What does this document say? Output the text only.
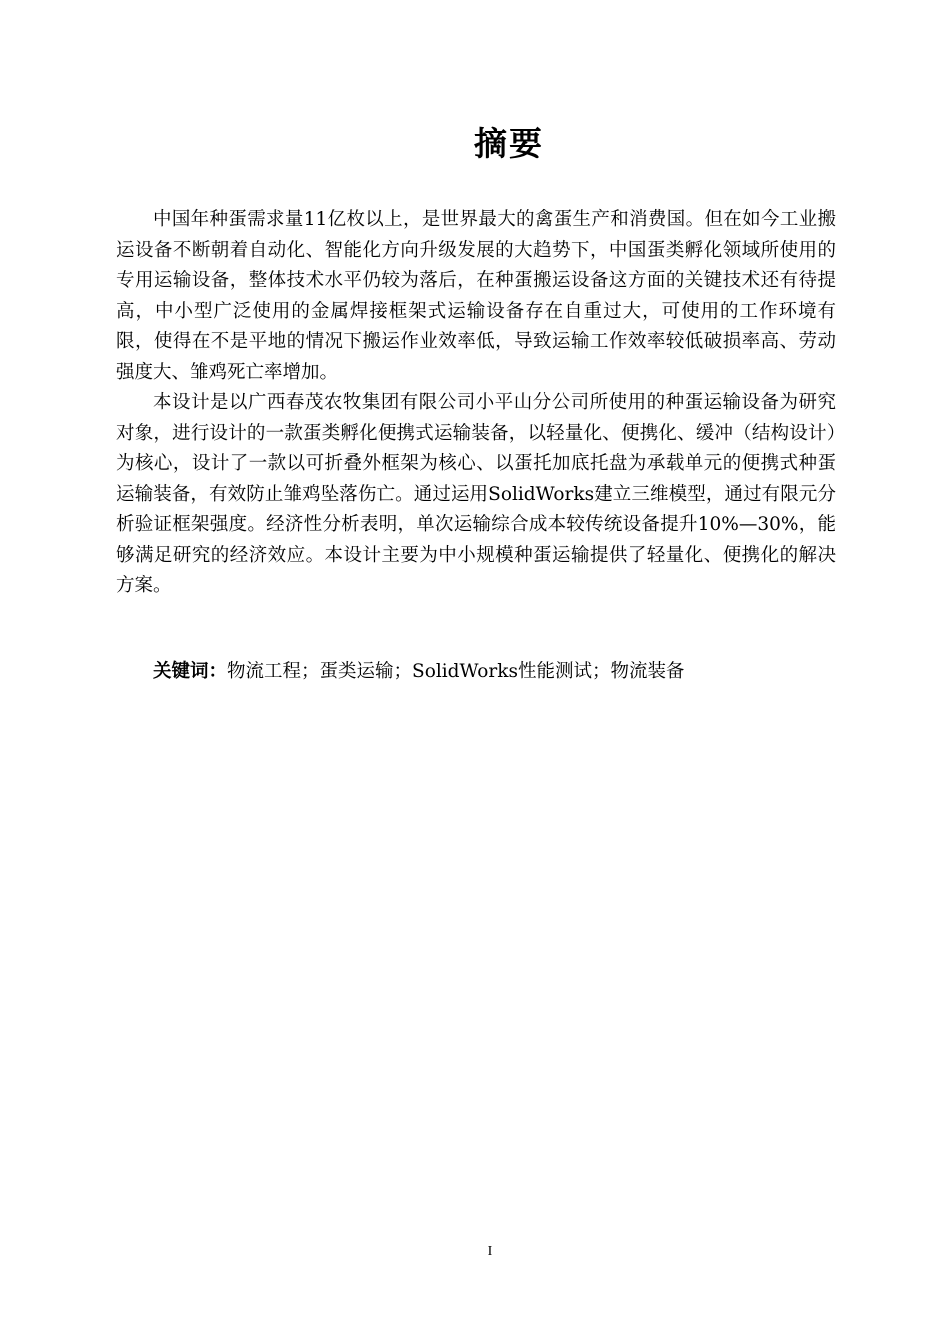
摘要

中国年种蛋需求量11亿枚以上，是世界最大的禽蛋生产和消费国。但在如今工业搬运设备不断朝着自动化、智能化方向升级发展的大趋势下，中国蛋类孵化领域所使用的专用运输设备，整体技术水平仍较为落后，在种蛋搬运设备这方面的关键技术还有待提高，中小型广泛使用的金属焊接框架式运输设备存在自重过大，可使用的工作环境有限，使得在不是平地的情况下搬运作业效率低，导致运输工作效率较低破损率高、劳动强度大、雏鸡死亡率增加。

本设计是以广西春茂农牧集团有限公司小平山分公司所使用的种蛋运输设备为研究对象，进行设计的一款蛋类孵化便携式运输装备，以轻量化、便携化、缓冲（结构设计）为核心，设计了一款以可折叠外框架为核心、以蛋托加底托盘为承载单元的便携式种蛋运输装备，有效防止雏鸡坠落伤亡。通过运用SolidWorks建立三维模型，通过有限元分析验证框架强度。经济性分析表明，单次运输综合成本较传统设备提升10%—30%，能够满足研究的经济效应。本设计主要为中小规模种蛋运输提供了轻量化、便携化的解决方案。

关键词：物流工程；蛋类运输；SolidWorks性能测试；物流装备
I
